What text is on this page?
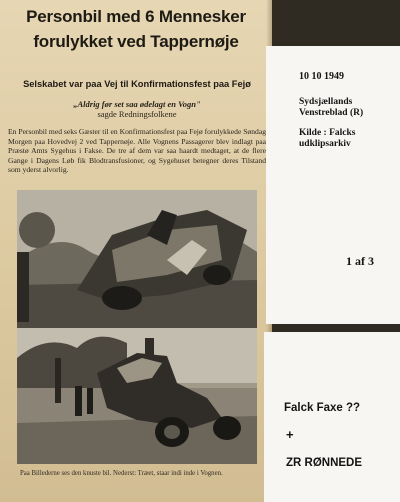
Personbil med 6 Mennesker forulykket ved Tappernøje
Selskabet var paa Vej til Konfirmationsfest paa Fejø
„Aldrig før set saa ødelagt en Vogn"
sagde Redningsfolkene
En Personbil med seks Gæster til en Konfirmationsfest paa Fejø forulykkede Søndag Morgen paa Hovedvej 2 ved Tappernøje. Alle Vognens Passagerer blev indlagt paa Præstø Amts Sygehus i Fakse. De tre af dem var saa haardt medtaget, at de flere Gange i Dagens Løb fik Blodtransfusioner, og Sygehuset betegner deres Tilstand som yderst alvorlig.
Paa Billederne ses den knuste bil. Nederst: Træet, staar indi inde i Vognen.
10 10 1949
Sydsjællands Venstreblad (R)
Kilde : Falcks udklipsarkiv
1 af 3
Falck Faxe ??
+
ZR RØNNEDE
